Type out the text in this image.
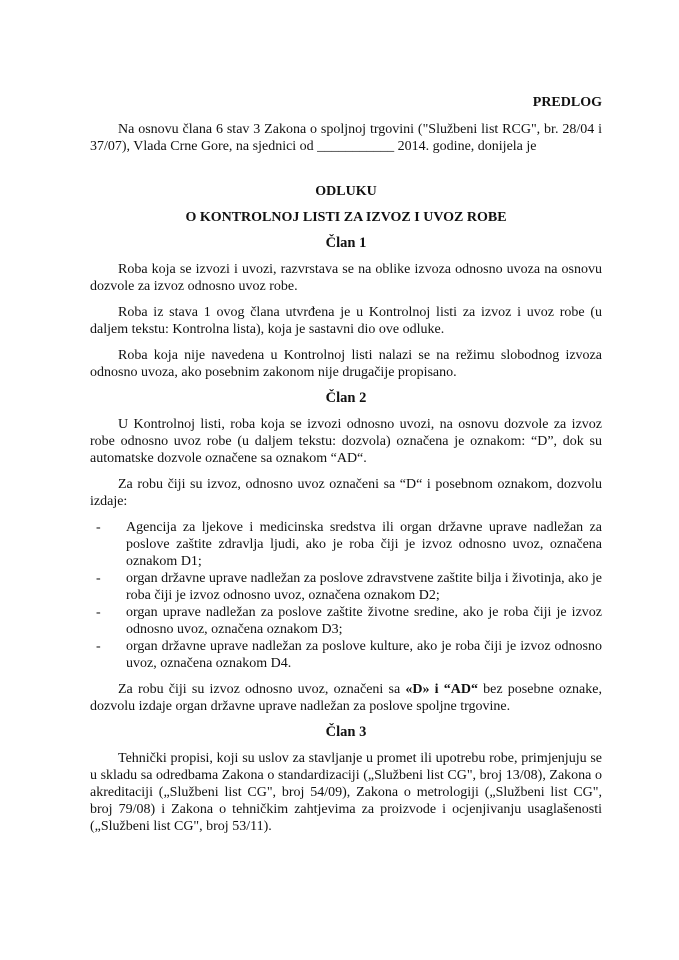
PREDLOG

Na osnovu člana 6 stav 3 Zakona o spoljnoj trgovini ("Službeni list RCG", br. 28/04 i 37/07), Vlada Crne Gore, na sjednici od ___________ 2014. godine, donijela je

ODLUKU
O KONTROLNOJ LISTI ZA IZVOZ I UVOZ ROBE
Član 1

Roba koja se izvozi i uvozi, razvrstava se na oblike izvoza odnosno uvoza na osnovu dozvole za izvoz odnosno uvoz robe.

Roba iz stava 1 ovog člana utvrđena je u Kontrolnoj listi za izvoz i uvoz robe (u daljem tekstu: Kontrolna lista), koja je sastavni dio ove odluke.

Roba koja nije navedena u Kontrolnoj listi nalazi se na režimu slobodnog izvoza odnosno uvoza, ako posebnim zakonom nije drugačije propisano.

Član 2

U Kontrolnoj listi, roba koja se izvozi odnosno uvozi, na osnovu dozvole za izvoz robe odnosno uvoz robe (u daljem tekstu: dozvola) označena je oznakom: “D”, dok su automatske dozvole označene sa oznakom “AD“.

Za robu čiji su izvoz, odnosno uvoz označeni sa “D“ i posebnom oznakom, dozvolu izdaje:

- Agencija za ljekove i medicinska sredstva ili organ državne uprave nadležan za poslove zaštite zdravlja ljudi, ako je roba čiji je izvoz odnosno uvoz, označena oznakom D1;
- organ državne uprave nadležan za poslove zdravstvene zaštite bilja i životinja, ako je roba čiji je izvoz odnosno uvoz, označena oznakom D2;
- organ uprave nadležan za poslove zaštite životne sredine, ako je roba čiji je izvoz odnosno uvoz, označena oznakom D3;
- organ državne uprave nadležan za poslove kulture, ako je roba čiji je izvoz odnosno uvoz, označena oznakom D4.

Za robu čiji su izvoz odnosno uvoz, označeni sa «D» i “AD“ bez posebne oznake, dozvolu izdaje organ državne uprave nadležan za poslove spoljne trgovine.

Član 3

Tehnički propisi, koji su uslov za stavljanje u promet ili upotrebu robe, primjenjuju se u skladu sa odredbama Zakona o standardizaciji („Službeni list CG", broj 13/08), Zakona o akreditaciji („Službeni list CG", broj 54/09), Zakona o metrologiji („Službeni list CG", broj 79/08) i Zakona o tehničkim zahtjevima za proizvode i ocjenjivanju usaglašenosti („Službeni list CG", broj 53/11).
